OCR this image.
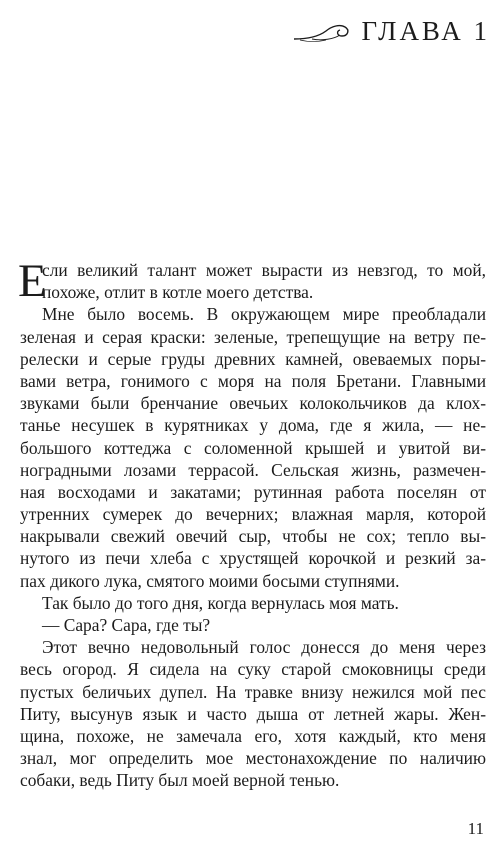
ГЛАВА 1
Е
сли великий талант может вырасти из невзгод, то мой,
похоже, отлит в котле моего детства.
Мне было восемь. В окружающем мире преобладали
зеленая и серая краски: зеленые, трепещущие на ветру пе-
релески и серые груды древних камней, овеваемых поры-
вами ветра, гонимого с моря на поля Бретани. Главными
звуками были бренчание овечьих колокольчиков да клох-
танье несушек в курятниках у дома, где я жила, — не-
большого коттеджа с соломенной крышей и увитой ви-
ноградными лозами террасой. Сельская жизнь, размечен-
ная восходами и закатами; рутинная работа поселян от
утренних сумерек до вечерних; влажная марля, которой
накрывали свежий овечий сыр, чтобы не сох; тепло вы-
нутого из печи хлеба с хрустящей корочкой и резкий за-
пах дикого лука, смятого моими босыми ступнями.
Так было до того дня, когда вернулась моя мать.
— Сара? Сара, где ты?
Этот вечно недовольный голос донесся до меня через
весь огород. Я сидела на суку старой смоковницы среди
пустых беличьих дупел. На травке внизу нежился мой пес
Питу, высунув язык и часто дыша от летней жары. Жен-
щина, похоже, не замечала его, хотя каждый, кто меня
знал, мог определить мое местонахождение по наличию
собаки, ведь Питу был моей верной тенью.
11
